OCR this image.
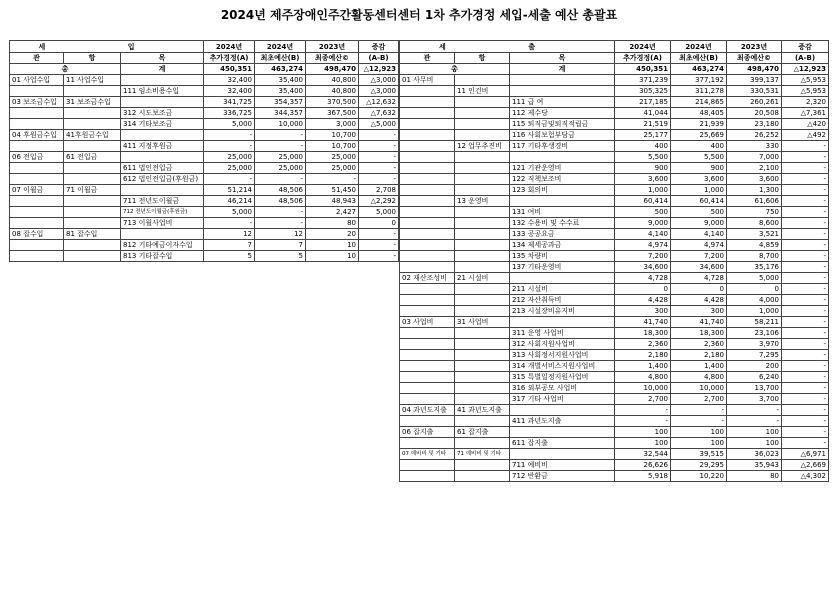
2024년 제주장애인주간활동센터센터 1차 추가경정 세입-세출 예산 총괄표
세 입			2024년	2024년	2023년	증감
관	항	목	추가경정(A)	최초예산(B)	최종예산©	(A-B)
총		계	450,351	463,274	498,470	△12,923
01 사업수입	11 사업수입		32,400	35,400	40,800	△3,000
		111 임소비용수입	32,400	35,400	40,800	△3,000
03 보조금수입	31 보조금수입		341,725	354,357	370,500	△12,632
		312 시도보조금	336,725	344,357	367,500	△7,632
		314 기타보조금	5,000	10,000	3,000	△5,000
04 후원금수입	41후원금수입		-	-	10,700	-
		411 지정후원금	-	-	10,700	-
06 전입금	61 전입금		25,000	25,000	25,000	-
		611 법인전입금	25,000	25,000	25,000	-
		612 법인전입금(후원금)	-	-	-	-
07 이월금	71 이월금		51,214	48,506	51,450	2,708
		711 전년도이월금	46,214	48,506	48,943	△2,292
		712 전년도이월금(후원금)	5,000	-	2,427	5,000
		713 이월사업비	-	-	80	0
08 잡수입	81 잡수입		12	12	20	-
		812 기타예금이자수입	7	7	10	-
		813 기타잡수입	5	5	10	-
세 출			2024년	2024년	2023년	증감
관	항	목	추가경정(A)	최초예산(B)	최종예산©	(A-B)
총		계	450,351	463,274	498,470	△12,923
01 사무비			371,239	377,192	399,137	△5,953
	11 인건비		305,325	311,278	330,531	△5,953
		111 급 여	217,185	214,865	260,261	2,320
		112 제수당	41,044	48,405	20,508	△7,361
		115 퇴직금및퇴직적립금	21,519	21,939	23,180	△420
		116 사회보험부담금	25,177	25,669	26,252	△492
	12 업무추진비	117 기타후생경비	400	400	330	-
			5,500	5,500	7,000	-
		121 기관운영비	900	900	2,100	-
		122 직책보조비	3,600	3,600	3,600	-
		123 회의비	1,000	1,000	1,300	-
	13 운영비		60,414	60,414	61,606	-
		131 여비	500	500	750	-
		132 수용비 및 수수료	9,000	9,000	8,600	-
		133 공공요금	4,140	4,140	3,521	-
		134 제세공과금	4,974	4,974	4,859	-
		135 차량비	7,200	7,200	8,700	-
		137 기타운영비	34,600	34,600	35,176	-
02 재산조성비	21 시설비		4,728	4,728	5,000	-
		211 시설비	0	0	0	-
		212 자산취득비	4,428	4,428	4,000	-
		213 시설장비유지비	300	300	1,000	-
03 사업비	31 사업비		41,740	41,740	58,211	-
		311 운영 사업비	18,300	18,300	23,106	-
		312 사회지원사업비	2,360	2,360	3,970	-
		313 사회정서지원사업비	2,180	2,180	7,295	-
		314 개별서비스지원사업비	1,400	1,400	200	-
		315 특별일정지원사업비	4,800	4,800	6,240	-
		316 외부공모 사업비	10,000	10,000	13,700	-
		317 기타 사업비	2,700	2,700	3,700	-
04 과년도지출	41 과년도지출		-	-	-	-
		411 과년도지출	-	-	-	-
06 잡지출	61 잡지출		100	100	100	-
		611 잡지출	100	100	100	-
07 예비비 및 기타	71 예비비 및 기타		32,544	39,515	36,023	△6,971
		711 예비비	26,626	29,295	35,943	△2,669
		712 반환금	5,918	10,220	80	△4,302
